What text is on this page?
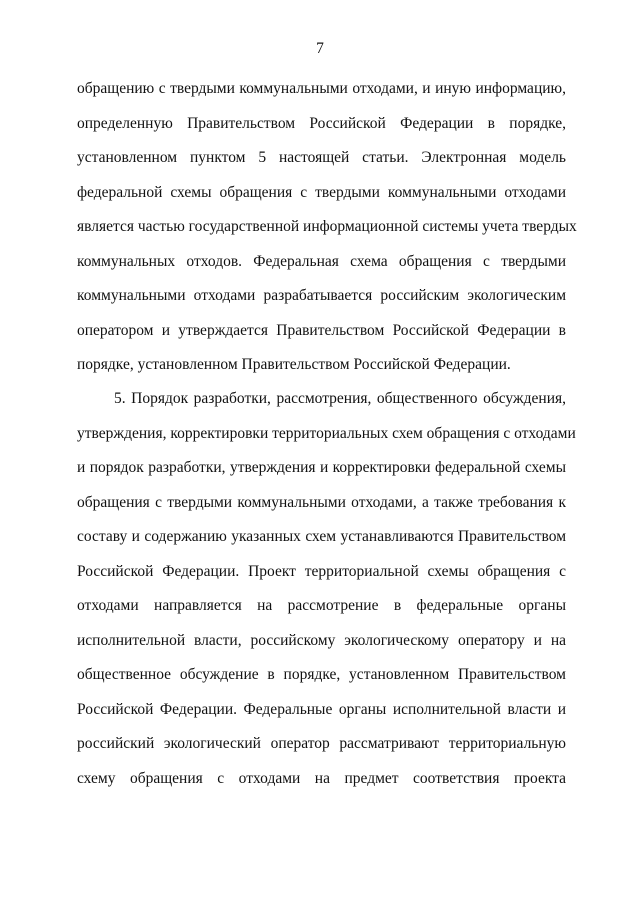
7
обращению с твердыми коммунальными отходами, и иную информацию,
определенную Правительством Российской Федерации в порядке,
установленном пунктом 5 настоящей статьи. Электронная модель
федеральной схемы обращения с твердыми коммунальными отходами
является частью государственной информационной системы учета твердых
коммунальных отходов. Федеральная схема обращения с твердыми
коммунальными отходами разрабатывается российским экологическим
оператором и утверждается Правительством Российской Федерации в
порядке, установленном Правительством Российской Федерации.
5. Порядок разработки, рассмотрения, общественного обсуждения,
утверждения, корректировки территориальных схем обращения с отходами
и порядок разработки, утверждения и корректировки федеральной схемы
обращения с твердыми коммунальными отходами, а также требования к
составу и содержанию указанных схем устанавливаются Правительством
Российской Федерации. Проект территориальной схемы обращения с
отходами направляется на рассмотрение в федеральные органы
исполнительной власти, российскому экологическому оператору и на
общественное обсуждение в порядке, установленном Правительством
Российской Федерации. Федеральные органы исполнительной власти и
российский экологический оператор рассматривают территориальную
схему обращения с отходами на предмет соответствия проекта
